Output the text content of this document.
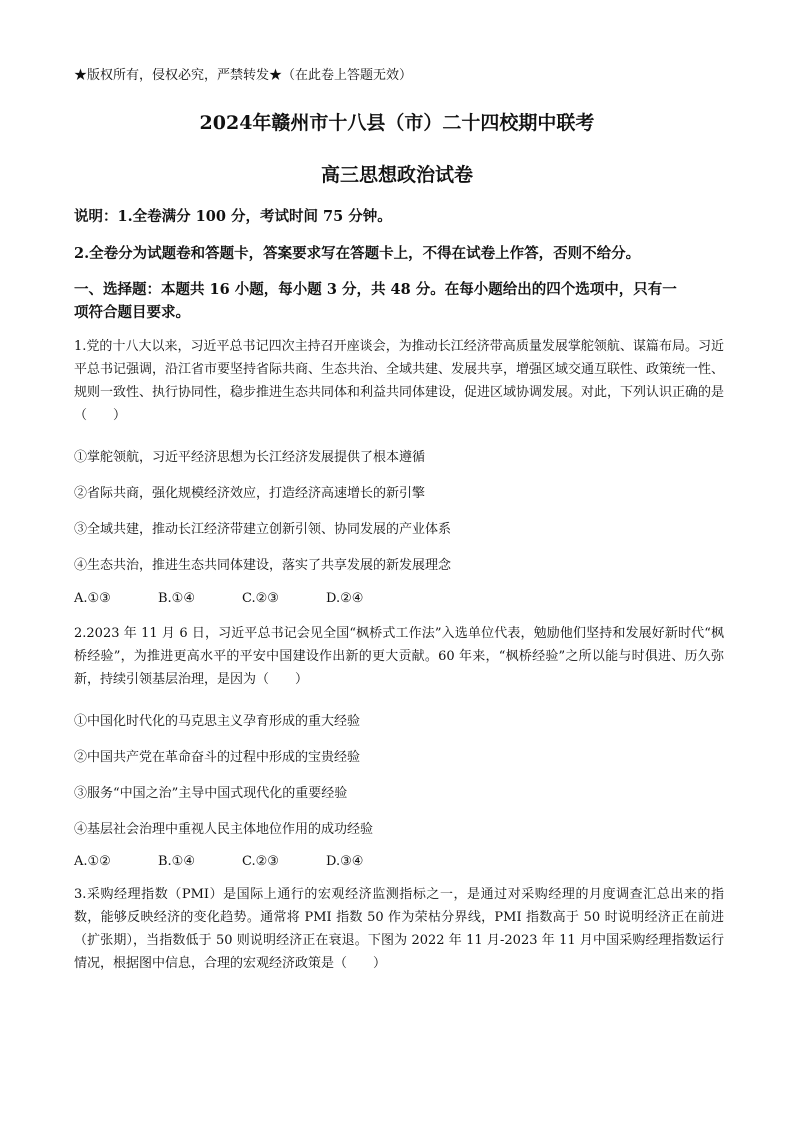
★版权所有，侵权必究，严禁转发★（在此卷上答题无效）
2024年赣州市十八县（市）二十四校期中联考
高三思想政治试卷
说明：1.全卷满分 100 分，考试时间 75 分钟。
2.全卷分为试题卷和答题卡，答案要求写在答题卡上，不得在试卷上作答，否则不给分。
一、选择题：本题共 16 小题，每小题 3 分，共 48 分。在每小题给出的四个选项中，只有一
项符合题目要求。
1.党的十八大以来，习近平总书记四次主持召开座谈会，为推动长江经济带高质量发展掌舵领航、谋篇布局。习近平总书记强调，沿江省市要坚持省际共商、生态共治、全域共建、发展共享，增强区域交通互联性、政策统一性、规则一致性、执行协同性，稳步推进生态共同体和利益共同体建设，促进区域协调发展。对此，下列认识正确的是（　　）
①掌舵领航，习近平经济思想为长江经济发展提供了根本遵循
②省际共商，强化规模经济效应，打造经济高速增长的新引擎
③全域共建，推动长江经济带建立创新引领、协同发展的产业体系
④生态共治，推进生态共同体建设，落实了共享发展的新发展理念
A.①③	B.①④	C.②③	D.②④
2.2023 年 11 月 6 日，习近平总书记会见全国“枫桥式工作法”入选单位代表，勉励他们坚持和发展好新时代“枫桥经验”，为推进更高水平的平安中国建设作出新的更大贡献。60 年来，“枫桥经验”之所以能与时俱进、历久弥新，持续引领基层治理，是因为（　　）
①中国化时代化的马克思主义孕育形成的重大经验
②中国共产党在革命奋斗的过程中形成的宝贵经验
③服务“中国之治”主导中国式现代化的重要经验
④基层社会治理中重视人民主体地位作用的成功经验
A.①②	B.①④	C.②③	D.③④
3.采购经理指数（PMI）是国际上通行的宏观经济监测指标之一，是通过对采购经理的月度调查汇总出来的指数，能够反映经济的变化趋势。通常将 PMI 指数 50 作为荣枯分界线，PMI 指数高于 50 时说明经济正在前进（扩张期），当指数低于 50 则说明经济正在衰退。下图为 2022 年 11 月-2023 年 11 月中国采购经理指数运行情况，根据图中信息，合理的宏观经济政策是（　　）
